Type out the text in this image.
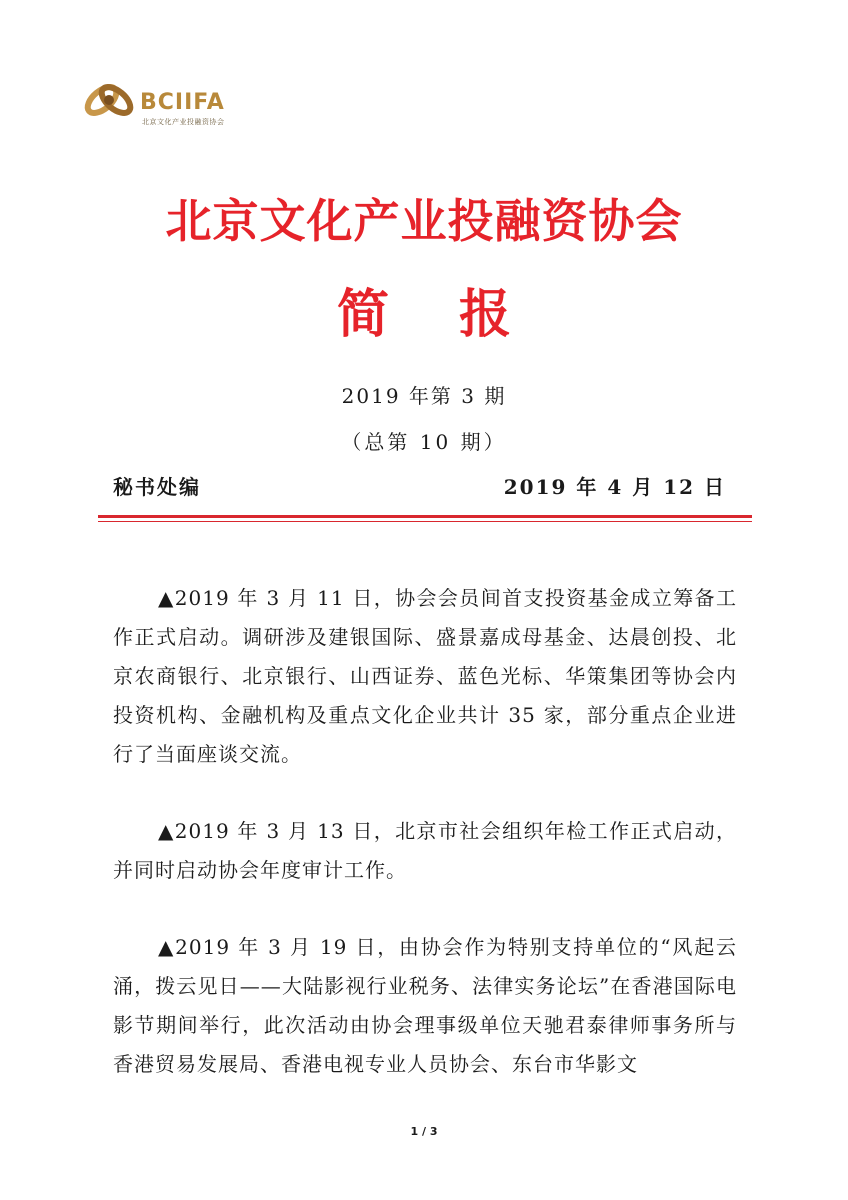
BCIIFA
北京文化产业投融资协会
北京文化产业投融资协会
简报
2019 年第 3 期
（总第 10 期）
秘书处编	2019 年 4 月 12 日

▲2019 年 3 月 11 日，协会会员间首支投资基金成立筹备工作正式启动。调研涉及建银国际、盛景嘉成母基金、达晨创投、北京农商银行、北京银行、山西证券、蓝色光标、华策集团等协会内投资机构、金融机构及重点文化企业共计 35 家，部分重点企业进行了当面座谈交流。

▲2019 年 3 月 13 日，北京市社会组织年检工作正式启动，并同时启动协会年度审计工作。

▲2019 年 3 月 19 日，由协会作为特别支持单位的“风起云涌，拨云见日——大陆影视行业税务、法律实务论坛”在香港国际电影节期间举行，此次活动由协会理事级单位天驰君泰律师事务所与香港贸易发展局、香港电视专业人员协会、东台市华影文

1 / 3
